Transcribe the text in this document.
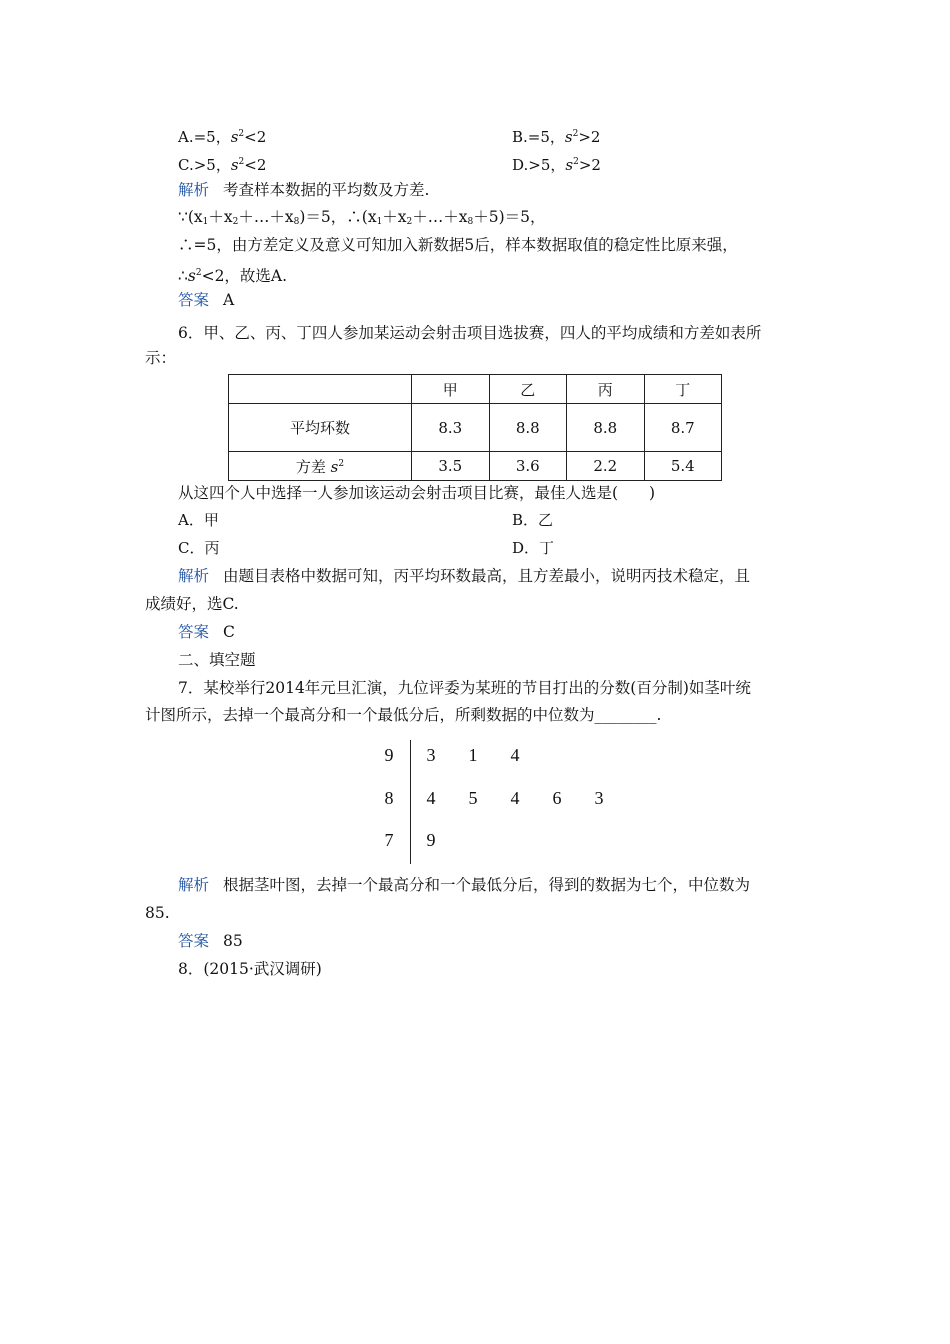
A.=5，$s^2<2$	B.=5，$s^2>2$
C.>5，$s^2<2$	D.>5，$s^2>2$
解析 考查样本数据的平均数及方差.
$\because(x_1+x_2+\dots+x_8)=5$，$\therefore(x_1+x_2+\dots+x_8+5)=5$，
∴=5，由方差定义及意义可知加入新数据5后，样本数据取值的稳定性比原来强，
$\therefore s^2<2$，故选A.
答案 A
6．甲、乙、丙、丁四人参加某运动会射击项目选拔赛，四人的平均成绩和方差如表所
示：
	甲	乙	丙	丁
平均环数	8.3	8.8	8.8	8.7
方差 $s^2$	3.5	3.6	2.2	5.4
从这四个人中选择一人参加该运动会射击项目比赛，最佳人选是(　　)
A．甲	B．乙
C．丙	D．丁
解析 由题目表格中数据可知，丙平均环数最高，且方差最小，说明丙技术稳定，且
成绩好，选C.
答案 C
二、填空题
7．某校举行2014年元旦汇演，九位评委为某班的节目打出的分数(百分制)如茎叶统
计图所示，去掉一个最高分和一个最低分后，所剩数据的中位数为________.
9	3	1	4
8	4	5	4	6	3
7	9
解析 根据茎叶图，去掉一个最高分和一个最低分后，得到的数据为七个，中位数为
85.
答案 85
8．(2015·武汉调研)
